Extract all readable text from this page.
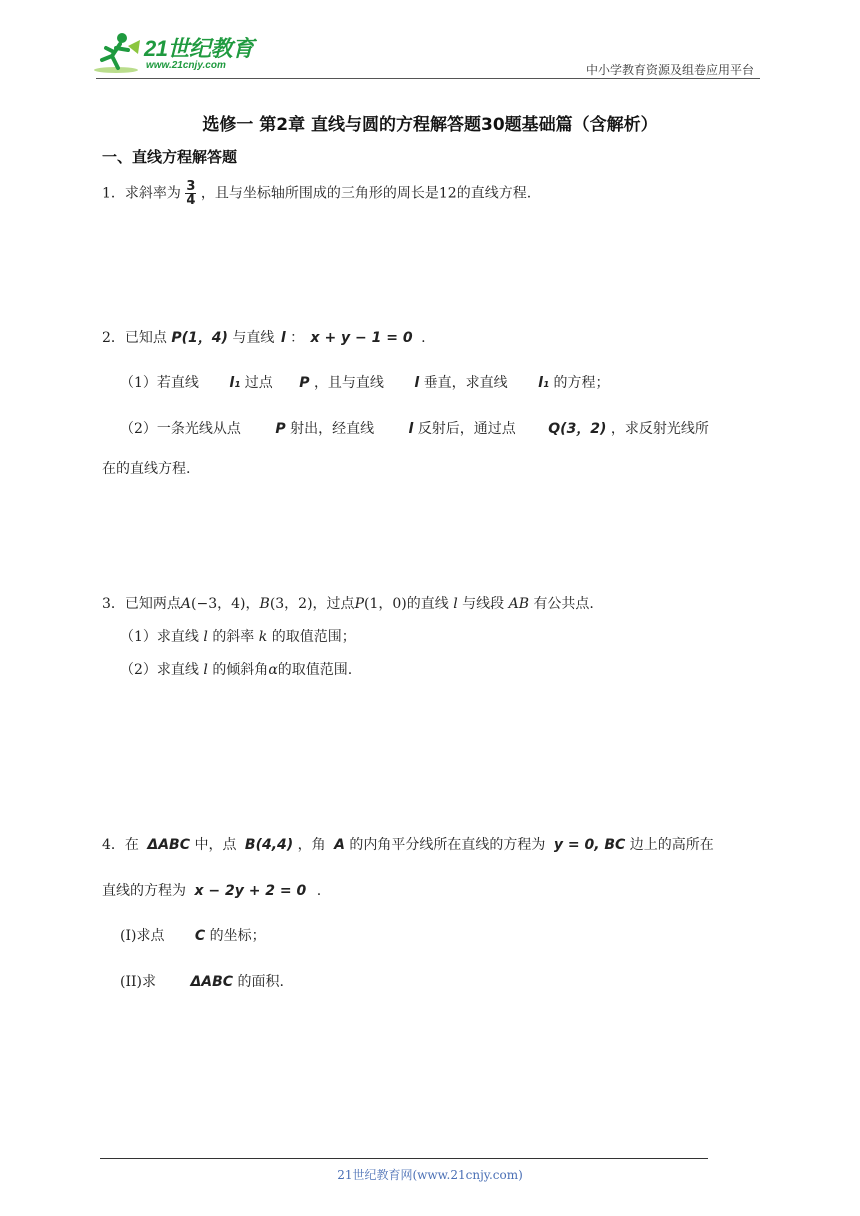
21世纪教育
www.21cnjy.com	中小学教育资源及组卷应用平台
选修一 第2章 直线与圆的方程解答题30题基础篇（含解析）
一、直线方程解答题
1．求斜率为 $\frac{3}{4}$ ，且与坐标轴所围成的三角形的周长是12的直线方程.
2．已知点 P(1，4) 与直线 l ： x + y − 1 = 0 .
（1）若直线 l₁ 过点 P ，且与直线 l 垂直，求直线 l₁ 的方程；
（2）一条光线从点 P 射出，经直线 l 反射后，通过点 Q(3，2) ，求反射光线所
在的直线方程.
3．已知两点A(−3，4)，B(3，2)，过点P(1，0)的直线 l 与线段 AB 有公共点.
（1）求直线 l 的斜率 k 的取值范围；
（2）求直线 l 的倾斜角α的取值范围.
4．在 ΔABC 中，点 B(4,4) ，角 A 的内角平分线所在直线的方程为 y = 0, BC 边上的高所在
直线的方程为 x − 2y + 2 = 0 .
(I)求点 C 的坐标；
(II)求 ΔABC 的面积.
21世纪教育网(www.21cnjy.com)
